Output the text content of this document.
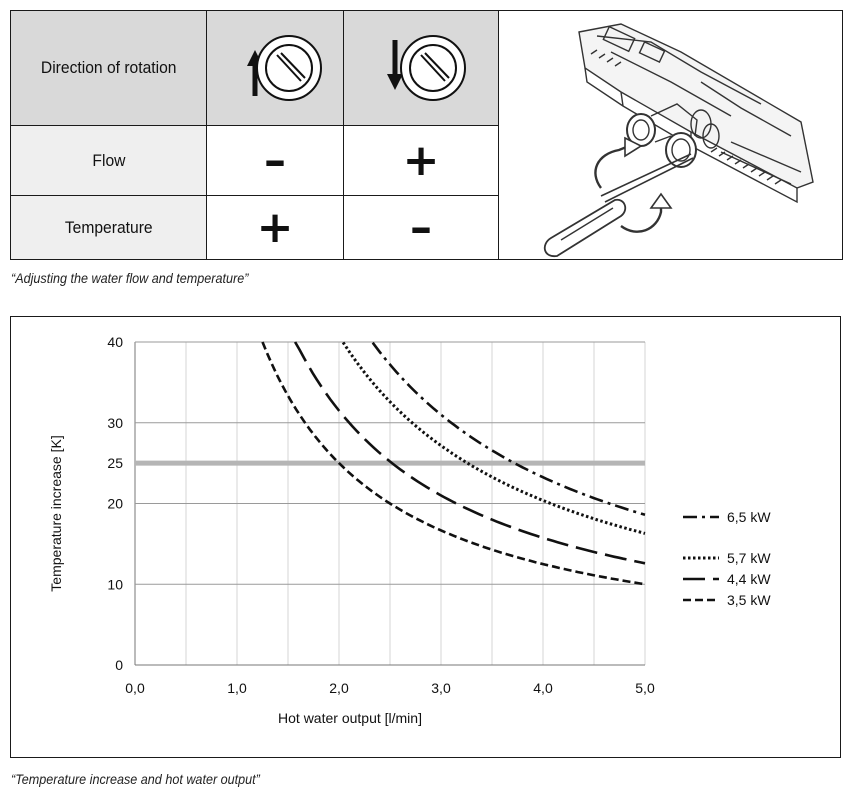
Direction of rotation
Flow	–	+
Temperature +	–
“Adjusting the water flow and temperature”
0
10
20
25
30
40
0,0	1,0	2,0	3,0	4,0	5,0
Hot water output [l/min]
Temperature increase [K]	6,5 kW
5,7 kW
4,4 kW
3,5 kW
“Temperature increase and hot water output”
